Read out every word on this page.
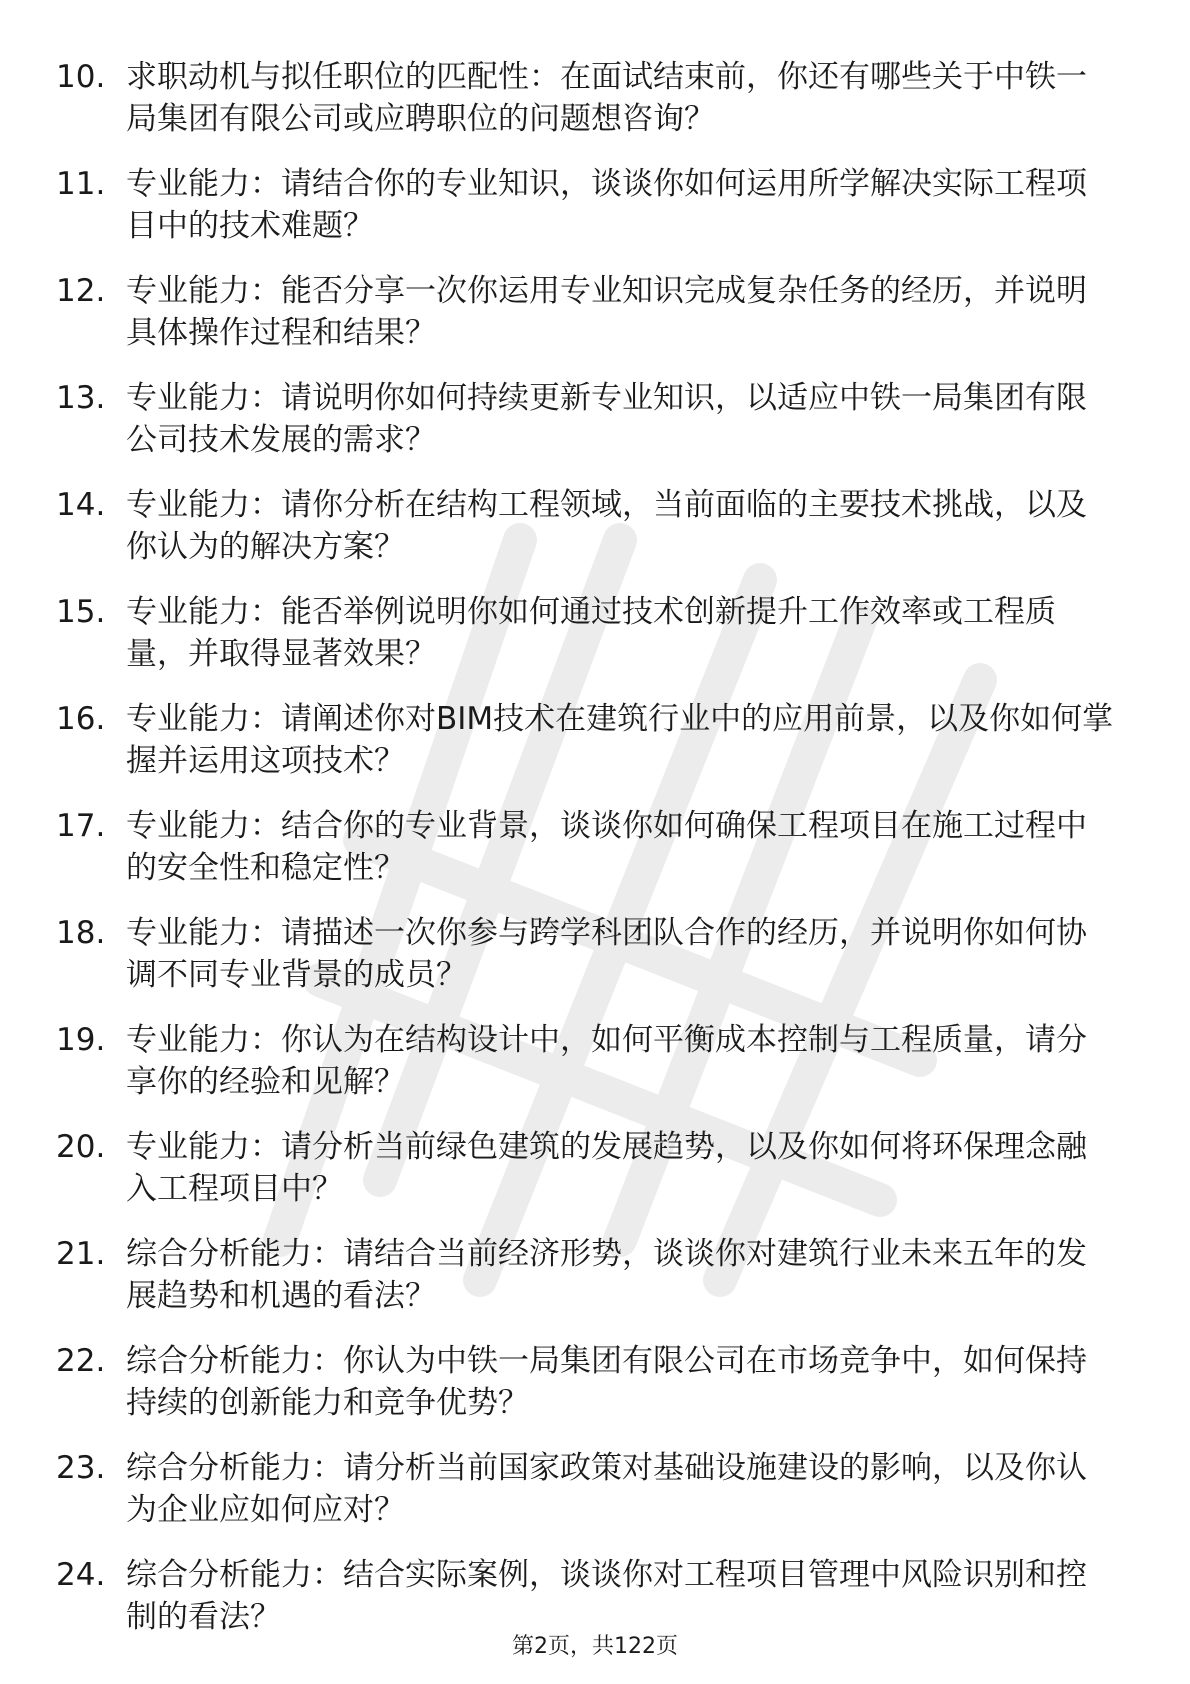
10. 求职动机与拟任职位的匹配性：在面试结束前，你还有哪些关于中铁一局集团有限公司或应聘职位的问题想咨询？
11. 专业能力：请结合你的专业知识，谈谈你如何运用所学解决实际工程项目中的技术难题？
12. 专业能力：能否分享一次你运用专业知识完成复杂任务的经历，并说明具体操作过程和结果？
13. 专业能力：请说明你如何持续更新专业知识，以适应中铁一局集团有限公司技术发展的需求？
14. 专业能力：请你分析在结构工程领域，当前面临的主要技术挑战，以及你认为的解决方案？
15. 专业能力：能否举例说明你如何通过技术创新提升工作效率或工程质量，并取得显著效果？
16. 专业能力：请阐述你对BIM技术在建筑行业中的应用前景，以及你如何掌握并运用这项技术？
17. 专业能力：结合你的专业背景，谈谈你如何确保工程项目在施工过程中的安全性和稳定性？
18. 专业能力：请描述一次你参与跨学科团队合作的经历，并说明你如何协调不同专业背景的成员？
19. 专业能力：你认为在结构设计中，如何平衡成本控制与工程质量，请分享你的经验和见解？
20. 专业能力：请分析当前绿色建筑的发展趋势，以及你如何将环保理念融入工程项目中？
21. 综合分析能力：请结合当前经济形势，谈谈你对建筑行业未来五年的发展趋势和机遇的看法？
22. 综合分析能力：你认为中铁一局集团有限公司在市场竞争中，如何保持持续的创新能力和竞争优势？
23. 综合分析能力：请分析当前国家政策对基础设施建设的影响，以及你认为企业应如何应对？
24. 综合分析能力：结合实际案例，谈谈你对工程项目管理中风险识别和控制的看法？
第2页，共122页
